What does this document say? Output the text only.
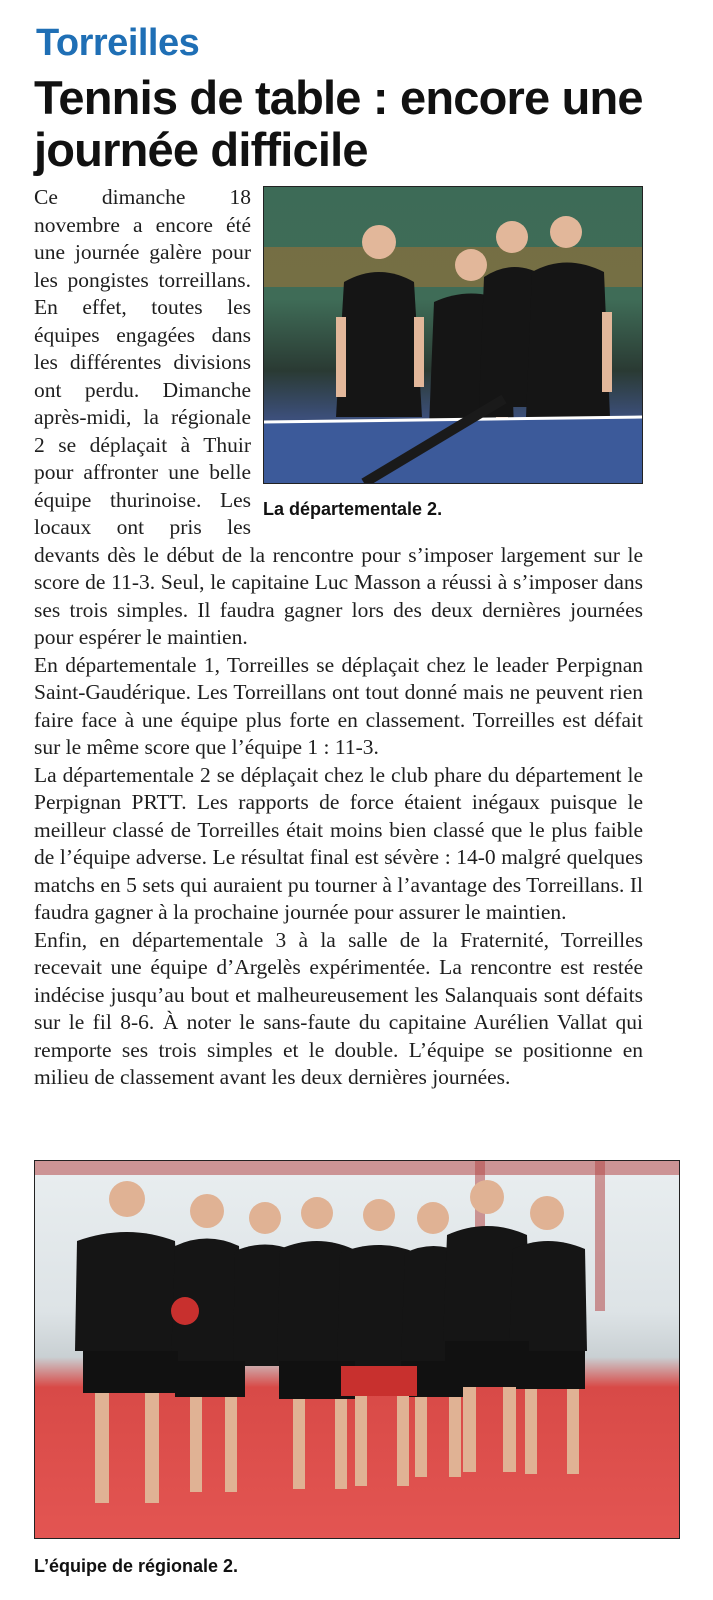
Torreilles
Tennis de table : encore une journée difficile
La départementale 2.

Ce dimanche 18 novembre a encore été une journée galère pour les pongistes torreillans. En effet, toutes les équipes engagées dans les différentes divisions ont perdu. Dimanche après-midi, la régionale 2 se déplaçait à Thuir pour affronter une belle équipe thurinoise. Les locaux ont pris les devants dès le début de la rencontre pour s’imposer largement sur le score de 11-3. Seul, le capitaine Luc Masson a réussi à s’imposer dans ses trois simples. Il faudra gagner lors des deux dernières journées pour espérer le maintien.

En départementale 1, Torreilles se déplaçait chez le leader Perpignan Saint-Gaudérique. Les Torreillans ont tout donné mais ne peuvent rien faire face à une équipe plus forte en classement. Torreilles est défait sur le même score que l’équipe 1 : 11-3.

La départementale 2 se déplaçait chez le club phare du département le Perpignan PRTT. Les rapports de force étaient inégaux puisque le meilleur classé de Torreilles était moins bien classé que le plus faible de l’équipe adverse. Le résultat final est sévère : 14-0 malgré quelques matchs en 5 sets qui auraient pu tourner à l’avantage des Torreillans. Il faudra gagner à la prochaine journée pour assurer le maintien.

Enfin, en départementale 3 à la salle de la Fraternité, Torreilles recevait une équipe d’Argelès expérimentée. La rencontre est restée indécise jusqu’au bout et malheureusement les Salanquais sont défaits sur le fil 8-6. À noter le sans-faute du capitaine Aurélien Vallat qui remporte ses trois simples et le double. L’équipe se positionne en milieu de classement avant les deux dernières journées.

L’équipe de régionale 2.
